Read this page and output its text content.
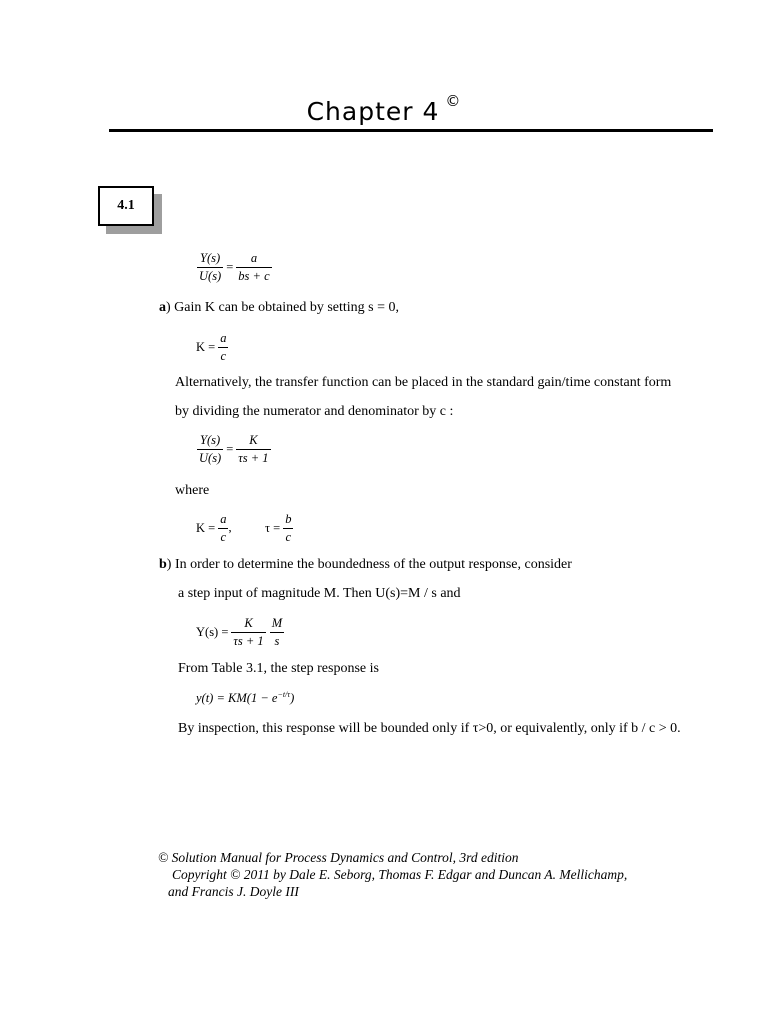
Chapter 4 ©
4.1
$\frac{Y(s)}{U(s)} = \frac{a}{bs + c}$
a) Gain K can be obtained by setting s = 0,
$K = \frac{a}{c}$
Alternatively, the transfer function can be placed in the standard gain/time constant form
by dividing the numerator and denominator by c :
$\frac{Y(s)}{U(s)} = \frac{K}{\tau s + 1}$
where
$K = \frac{a}{c}$ ,	$\tau = \frac{b}{c}$
b) In order to determine the boundedness of the output response, consider
a step input of magnitude M. Then U(s)=M / s and
$Y(s) = \frac{K}{\tau s + 1} \frac{M}{s}$
From Table 3.1, the step response is
$y(t) = KM(1 - e^{-t/\tau})$
By inspection, this response will be bounded only if τ>0, or equivalently, only if b / c > 0.
© Solution Manual for Process Dynamics and Control, 3rd edition
Copyright © 2011 by Dale E. Seborg, Thomas F. Edgar and Duncan A. Mellichamp,
and Francis J. Doyle III
